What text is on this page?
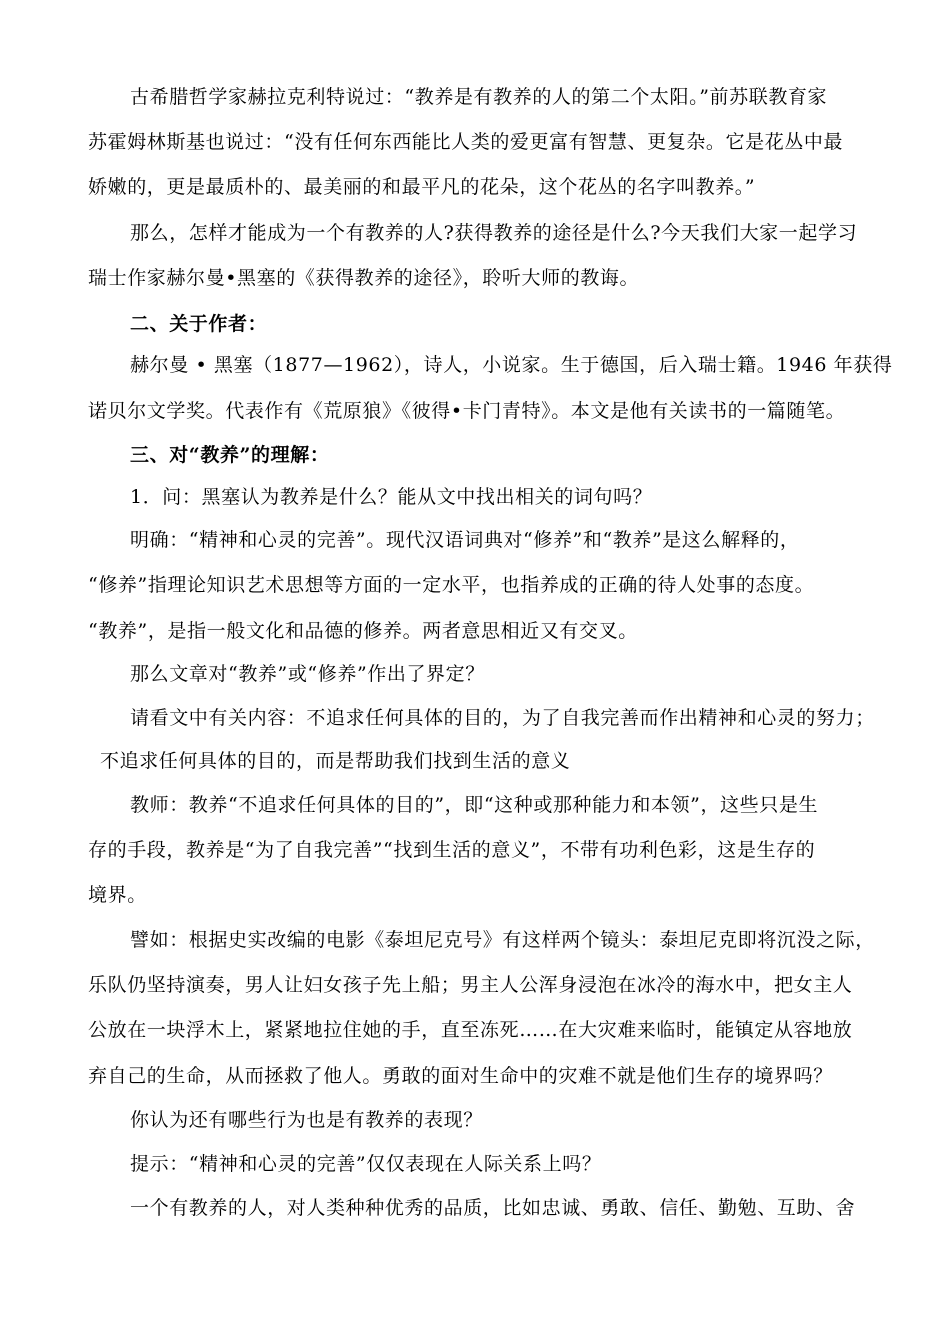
古希腊哲学家赫拉克利特说过：“教养是有教养的人的第二个太阳。”前苏联教育家
苏霍姆林斯基也说过：“没有任何东西能比人类的爱更富有智慧、更复杂。它是花丛中最
娇嫩的，更是最质朴的、最美丽的和最平凡的花朵，这个花丛的名字叫教养。”
那么，怎样才能成为一个有教养的人?获得教养的途径是什么?今天我们大家一起学习
瑞士作家赫尔曼•黑塞的《获得教养的途径》，聆听大师的教诲。
二、关于作者：
赫尔曼 • 黑塞（1877—1962），诗人，小说家。生于德国，后入瑞士籍。1946 年获得
诺贝尔文学奖。代表作有《荒原狼》《彼得•卡门青特》。本文是他有关读书的一篇随笔。
三、对“教养”的理解：
1．问：黑塞认为教养是什么？能从文中找出相关的词句吗？
明确：“精神和心灵的完善”。现代汉语词典对“修养”和“教养”是这么解释的，
“修养”指理论知识艺术思想等方面的一定水平，也指养成的正确的待人处事的态度。
“教养”，是指一般文化和品德的修养。两者意思相近又有交叉。
那么文章对“教养”或“修养”作出了界定？
请看文中有关内容：不追求任何具体的目的，为了自我完善而作出精神和心灵的努力；
不追求任何具体的目的，而是帮助我们找到生活的意义
教师：教养“不追求任何具体的目的”，即“这种或那种能力和本领”，这些只是生
存的手段，教养是“为了自我完善”“找到生活的意义”，不带有功利色彩，这是生存的
境界。
譬如：根据史实改编的电影《泰坦尼克号》有这样两个镜头：泰坦尼克即将沉没之际，
乐队仍坚持演奏，男人让妇女孩子先上船；男主人公浑身浸泡在冰冷的海水中，把女主人
公放在一块浮木上，紧紧地拉住她的手，直至冻死……在大灾难来临时，能镇定从容地放
弃自己的生命，从而拯救了他人。勇敢的面对生命中的灾难不就是他们生存的境界吗？
你认为还有哪些行为也是有教养的表现？
提示：“精神和心灵的完善”仅仅表现在人际关系上吗？
一个有教养的人，对人类种种优秀的品质，比如忠诚、勇敢、信任、勤勉、互助、舍
